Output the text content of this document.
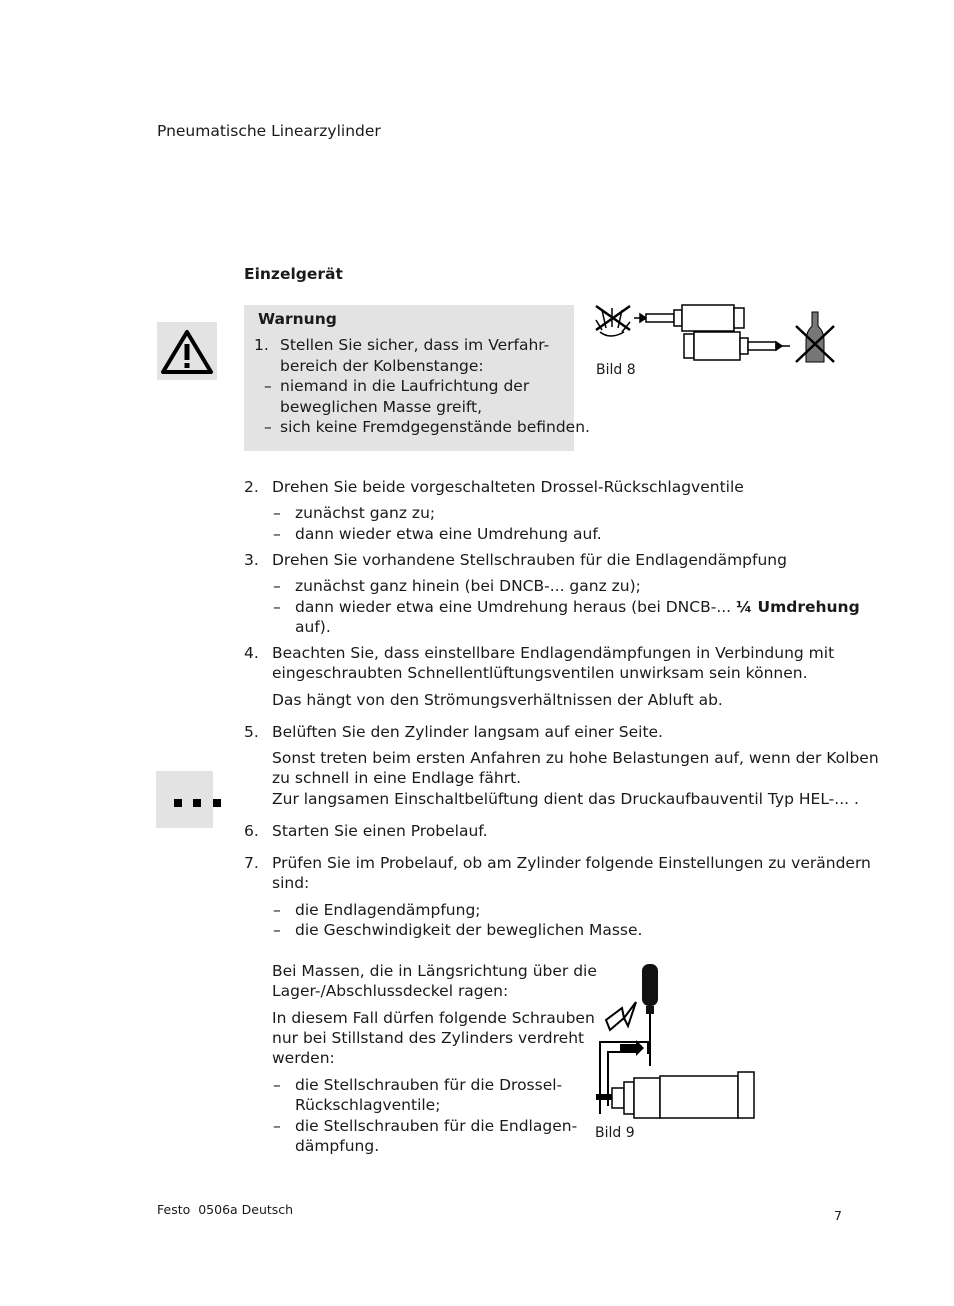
Pneumatische Linearzylinder
Einzelgerät
Warnung
1. Stellen Sie sicher, dass im Verfahr-
bereich der Kolbenstange:
– niemand in die Laufrichtung der
beweglichen Masse greift,
– sich keine Fremdgegenstände befinden.
Bild 8
2. Drehen Sie beide vorgeschalteten Drossel-Rückschlagventile
– zunächst ganz zu;
– dann wieder etwa eine Umdrehung auf.
3. Drehen Sie vorhandene Stellschrauben für die Endlagendämpfung
– zunächst ganz hinein (bei DNCB-... ganz zu);
– dann wieder etwa eine Umdrehung heraus (bei DNCB-... ¼ Umdrehung
auf).
4. Beachten Sie, dass einstellbare Endlagendämpfungen in Verbindung mit
eingeschraubten Schnellentlüftungsventilen unwirksam sein können.
Das hängt von den Strömungsverhältnissen der Abluft ab.
5. Belüften Sie den Zylinder langsam auf einer Seite.
Sonst treten beim ersten Anfahren zu hohe Belastungen auf, wenn der Kolben
zu schnell in eine Endlage fährt.
Zur langsamen Einschaltbelüftung dient das Druckaufbauventil Typ HEL-... .
6. Starten Sie einen Probelauf.
7. Prüfen Sie im Probelauf, ob am Zylinder folgende Einstellungen zu verändern
sind:
– die Endlagendämpfung;
– die Geschwindigkeit der beweglichen Masse.
Bei Massen, die in Längsrichtung über die
Lager-/Abschlussdeckel ragen:
In diesem Fall dürfen folgende Schrauben
nur bei Stillstand des Zylinders verdreht
werden:
– die Stellschrauben für die Drossel-
Rückschlagventile;
– die Stellschrauben für die Endlagen-
dämpfung.
Bild 9
Festo  0506a Deutsch	7
